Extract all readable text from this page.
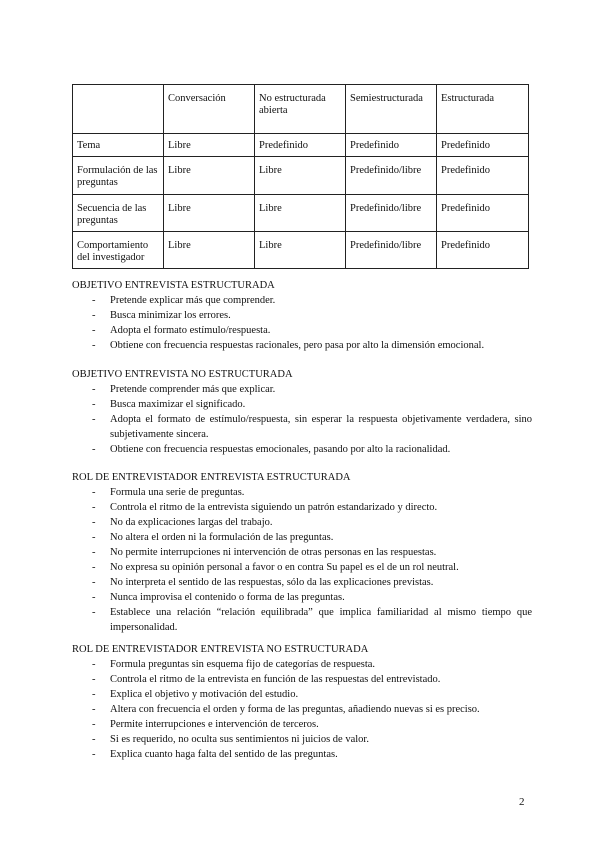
	Conversación	No estructurada abierta	Semiestructurada	Estructurada
Tema	Libre	Predefinido	Predefinido	Predefinido
Formulación de las preguntas	Libre	Libre	Predefinido/libre	Predefinido
Secuencia de las preguntas	Libre	Libre	Predefinido/libre	Predefinido
Comportamiento del investigador	Libre	Libre	Predefinido/libre	Predefinido
OBJETIVO ENTREVISTA ESTRUCTURADA
- Pretende explicar más que comprender.
- Busca minimizar los errores.
- Adopta el formato estímulo/respuesta.
- Obtiene con frecuencia respuestas racionales, pero pasa por alto la dimensión emocional.
OBJETIVO ENTREVISTA NO ESTRUCTURADA
- Pretende comprender más que explicar.
- Busca maximizar el significado.
- Adopta el formato de estímulo/respuesta, sin esperar la respuesta objetivamente verdadera, sino subjetivamente sincera.
- Obtiene con frecuencia respuestas emocionales, pasando por alto la racionalidad.
ROL DE ENTREVISTADOR ENTREVISTA ESTRUCTURADA
- Formula una serie de preguntas.
- Controla el ritmo de la entrevista siguiendo un patrón estandarizado y directo.
- No da explicaciones largas del trabajo.
- No altera el orden ni la formulación de las preguntas.
- No permite interrupciones ni intervención de otras personas en las respuestas.
- No expresa su opinión personal a favor o en contra Su papel es el de un rol neutral.
- No interpreta el sentido de las respuestas, sólo da las explicaciones previstas.
- Nunca improvisa el contenido o forma de las preguntas.
- Establece una relación “relación equilibrada” que implica familiaridad al mismo tiempo que impersonalidad.
ROL DE ENTREVISTADOR ENTREVISTA NO ESTRUCTURADA
- Formula preguntas sin esquema fijo de categorías de respuesta.
- Controla el ritmo de la entrevista en función de las respuestas del entrevistado.
- Explica el objetivo y motivación del estudio.
- Altera con frecuencia el orden y forma de las preguntas, añadiendo nuevas si es preciso.
- Permite interrupciones e intervención de terceros.
- Si es requerido, no oculta sus sentimientos ni juicios de valor.
- Explica cuanto haga falta del sentido de las preguntas.
2
